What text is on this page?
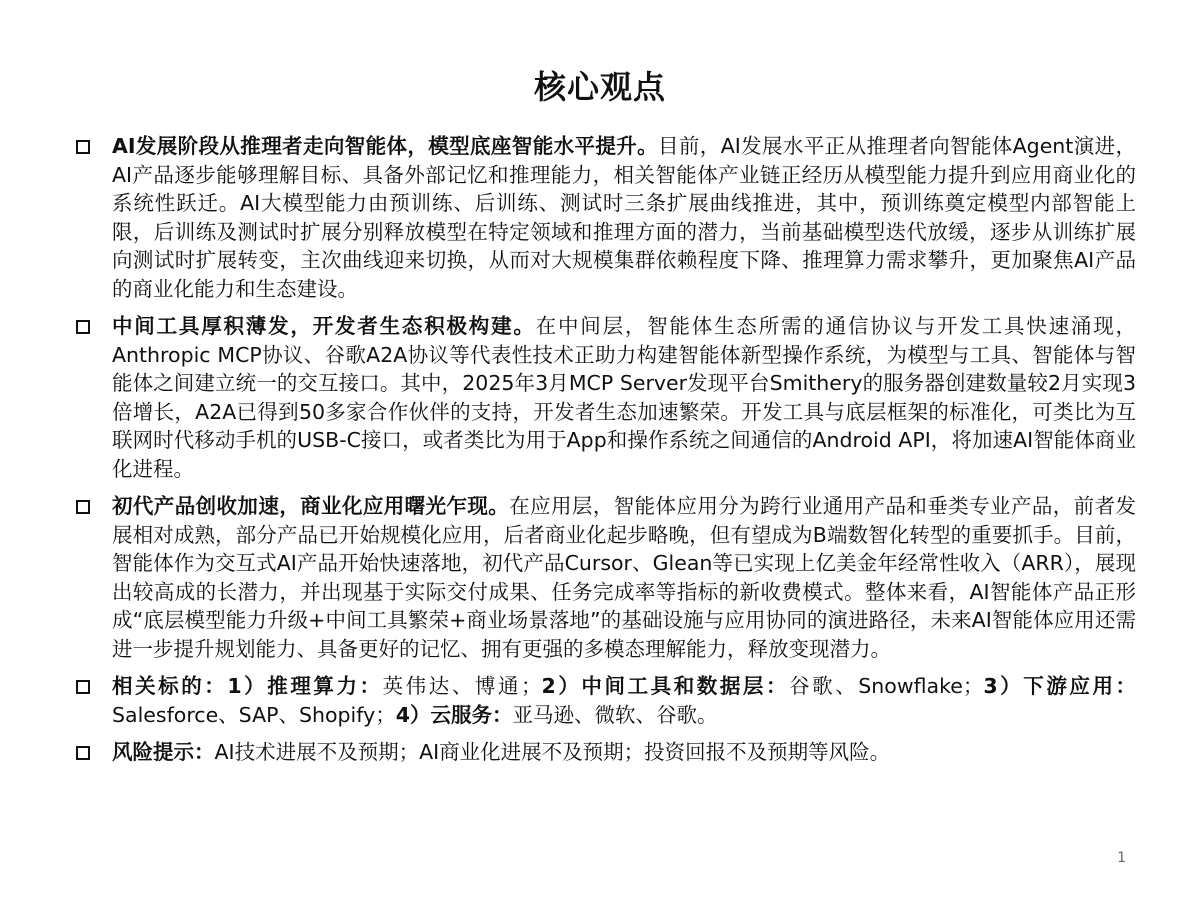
核心观点
AI发展阶段从推理者走向智能体，模型底座智能水平提升。目前，AI发展水平正从推理者向智能体Agent演进，AI产品逐步能够理解目标、具备外部记忆和推理能力，相关智能体产业链正经历从模型能力提升到应用商业化的系统性跃迁。AI大模型能力由预训练、后训练、测试时三条扩展曲线推进，其中，预训练奠定模型内部智能上限，后训练及测试时扩展分别释放模型在特定领域和推理方面的潜力，当前基础模型迭代放缓，逐步从训练扩展向测试时扩展转变，主次曲线迎来切换，从而对大规模集群依赖程度下降、推理算力需求攀升，更加聚焦AI产品的商业化能力和生态建设。
中间工具厚积薄发，开发者生态积极构建。在中间层，智能体生态所需的通信协议与开发工具快速涌现，Anthropic MCP协议、谷歌A2A协议等代表性技术正助力构建智能体新型操作系统，为模型与工具、智能体与智能体之间建立统一的交互接口。其中，2025年3月MCP Server发现平台Smithery的服务器创建数量较2月实现3倍增长，A2A已得到50多家合作伙伴的支持，开发者生态加速繁荣。开发工具与底层框架的标准化，可类比为互联网时代移动手机的USB-C接口，或者类比为用于App和操作系统之间通信的Android API，将加速AI智能体商业化进程。
初代产品创收加速，商业化应用曙光乍现。在应用层，智能体应用分为跨行业通用产品和垂类专业产品，前者发展相对成熟，部分产品已开始规模化应用，后者商业化起步略晚，但有望成为B端数智化转型的重要抓手。目前，智能体作为交互式AI产品开始快速落地，初代产品Cursor、Glean等已实现上亿美金年经常性收入（ARR），展现出较高成的长潜力，并出现基于实际交付成果、任务完成率等指标的新收费模式。整体来看，AI智能体产品正形成“底层模型能力升级+中间工具繁荣+商业场景落地”的基础设施与应用协同的演进路径，未来AI智能体应用还需进一步提升规划能力、具备更好的记忆、拥有更强的多模态理解能力，释放变现潜力。
相关标的：1）推理算力：英伟达、博通；2）中间工具和数据层：谷歌、Snowflake；3）下游应用：Salesforce、SAP、Shopify；4）云服务：亚马逊、微软、谷歌。
风险提示：AI技术进展不及预期；AI商业化进展不及预期；投资回报不及预期等风险。
1
